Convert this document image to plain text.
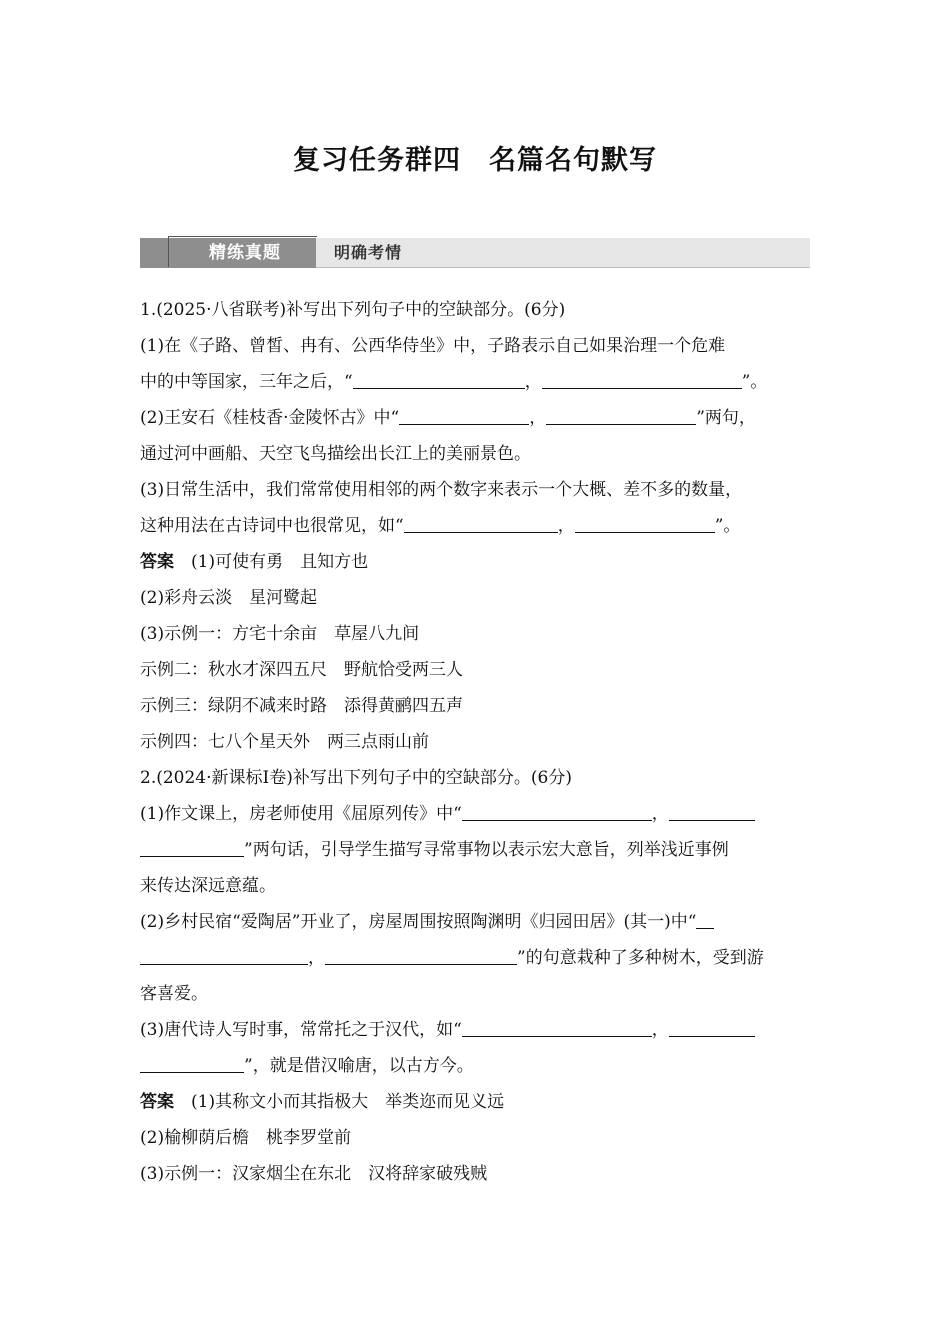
复习任务群四　名篇名句默写
精练真题	明确考情

1.(2025·八省联考)补写出下列句子中的空缺部分。(6分)

(1)在《子路、曾皙、冉有、公西华侍坐》中，子路表示自己如果治理一个危难

中的中等国家，三年之后，“	，	”。

(2)王安石《桂枝香·金陵怀古》中“	，	”两句，

通过河中画船、天空飞鸟描绘出长江上的美丽景色。

(3)日常生活中，我们常常使用相邻的两个数字来表示一个大概、差不多的数量，

这种用法在古诗词中也很常见，如“	，	”。

答案　 (1)可使有勇　且知方也

(2)彩舟云淡　星河鹭起

(3)示例一：方宅十余亩　草屋八九间

示例二：秋水才深四五尺　野航恰受两三人

示例三：绿阴不减来时路　添得黄鹂四五声

示例四：七八个星天外　两三点雨山前

2.(2024·新课标Ⅰ卷)补写出下列句子中的空缺部分。(6分)

(1)作文课上，房老师使用《屈原列传》中“	，

”两句话，引导学生描写寻常事物以表示宏大意旨，列举浅近事例

来传达深远意蕴。

(2)乡村民宿“爱陶居”开业了，房屋周围按照陶渊明《归园田居》(其一)中“

，	”的句意栽种了多种树木，受到游

客喜爱。

(3)唐代诗人写时事，常常托之于汉代，如“	，

”，就是借汉喻唐，以古方今。

答案　 (1)其称文小而其指极大　举类迩而见义远

(2)榆柳荫后檐　桃李罗堂前

(3)示例一：汉家烟尘在东北　汉将辞家破残贼
